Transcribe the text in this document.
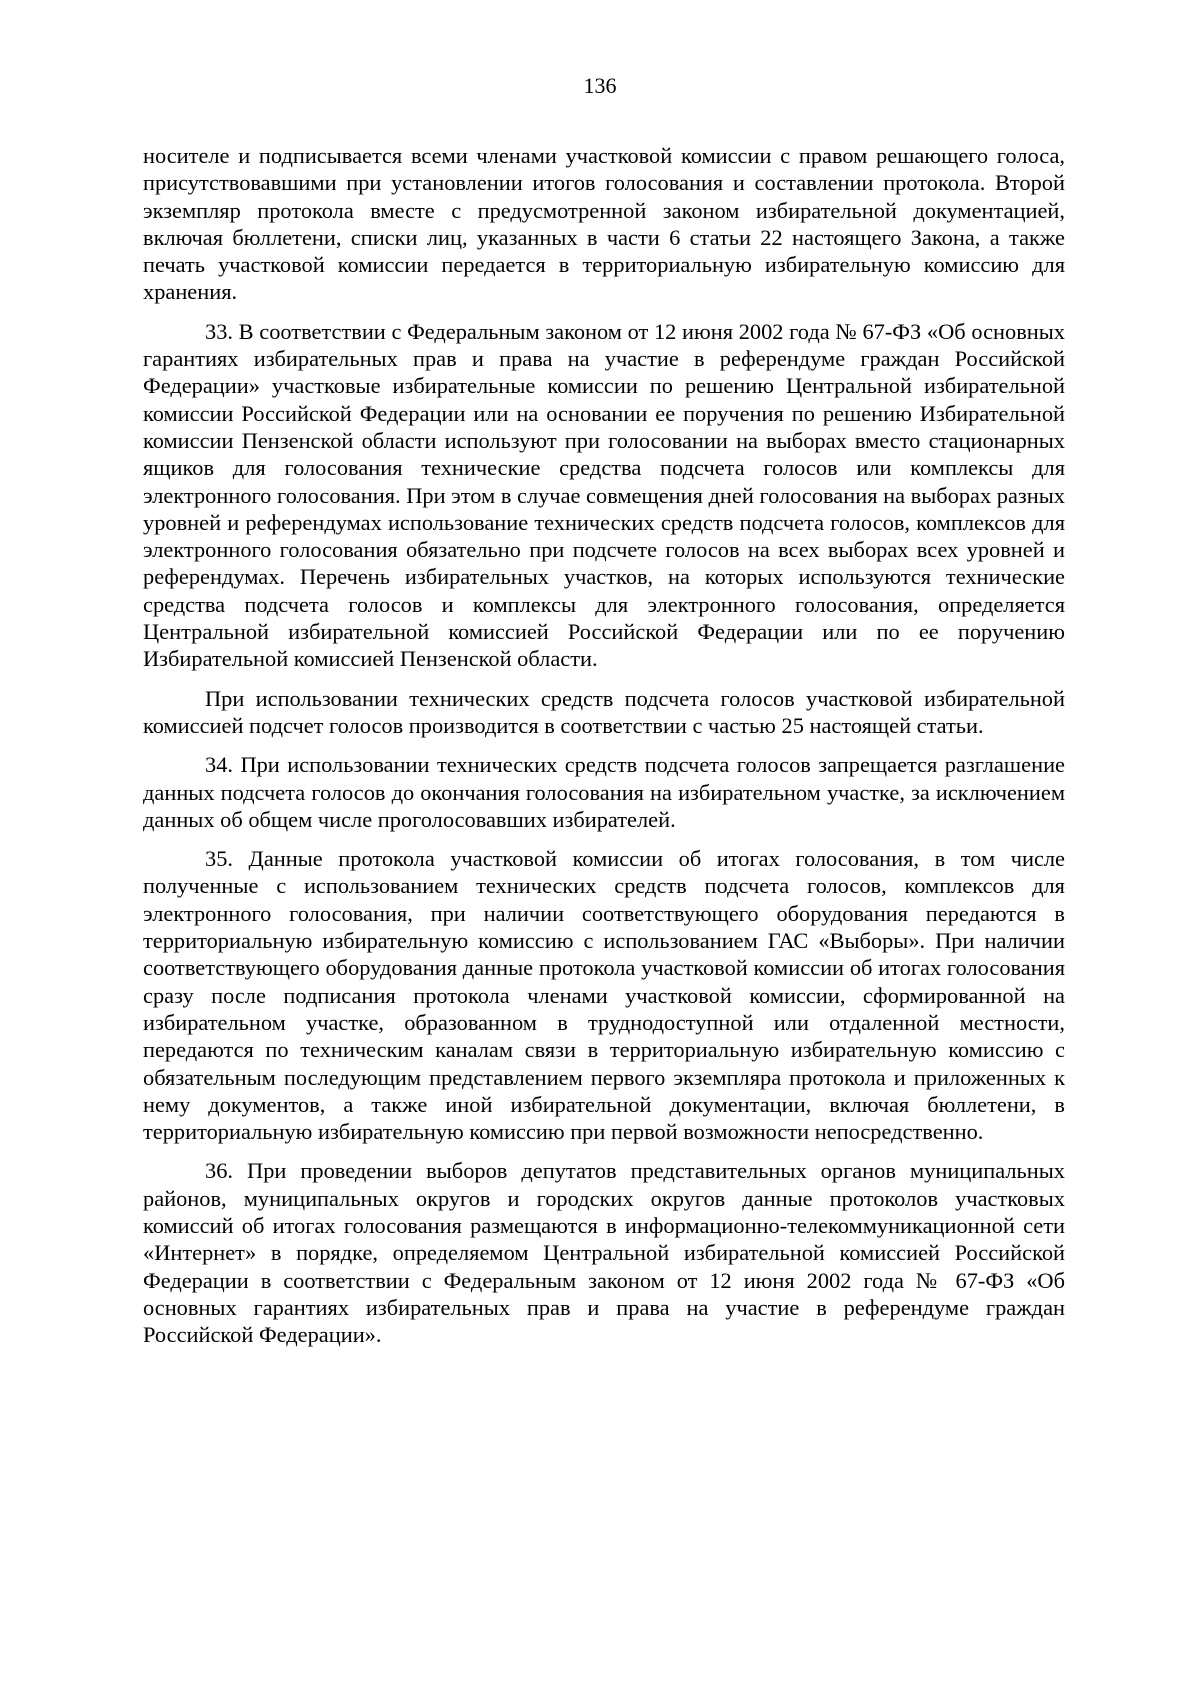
136

носителе и подписывается всеми членами участковой комиссии с правом решающего голоса, присутствовавшими при установлении итогов голосования и составлении протокола. Второй экземпляр протокола вместе с предусмотренной законом избирательной документацией, включая бюллетени, списки лиц, указанных в части 6 статьи 22 настоящего Закона, а также печать участковой комиссии передается в территориальную избирательную комиссию для хранения.

33. В соответствии с Федеральным законом от 12 июня 2002 года № 67-ФЗ «Об основных гарантиях избирательных прав и права на участие в референдуме граждан Российской Федерации» участковые избирательные комиссии по решению Центральной избирательной комиссии Российской Федерации или на основании ее поручения по решению Избирательной комиссии Пензенской области используют при голосовании на выборах вместо стационарных ящиков для голосования технические средства подсчета голосов или комплексы для электронного голосования. При этом в случае совмещения дней голосования на выборах разных уровней и референдумах использование технических средств подсчета голосов, комплексов для электронного голосования обязательно при подсчете голосов на всех выборах всех уровней и референдумах. Перечень избирательных участков, на которых используются технические средства подсчета голосов и комплексы для электронного голосования, определяется Центральной избирательной комиссией Российской Федерации или по ее поручению Избирательной комиссией Пензенской области.

При использовании технических средств подсчета голосов участковой избирательной комиссией подсчет голосов производится в соответствии с частью 25 настоящей статьи.

34. При использовании технических средств подсчета голосов запрещается разглашение данных подсчета голосов до окончания голосования на избирательном участке, за исключением данных об общем числе проголосовавших избирателей.

35. Данные протокола участковой комиссии об итогах голосования, в том числе полученные с использованием технических средств подсчета голосов, комплексов для электронного голосования, при наличии соответствующего оборудования передаются в территориальную избирательную комиссию с использованием ГАС «Выборы». При наличии соответствующего оборудования данные протокола участковой комиссии об итогах голосования сразу после подписания протокола членами участковой комиссии, сформированной на избирательном участке, образованном в труднодоступной или отдаленной местности, передаются по техническим каналам связи в территориальную избирательную комиссию с обязательным последующим представлением первого экземпляра протокола и приложенных к нему документов, а также иной избирательной документации, включая бюллетени, в территориальную избирательную комиссию при первой возможности непосредственно.

36. При проведении выборов депутатов представительных органов муниципальных районов, муниципальных округов и городских округов данные протоколов участковых комиссий об итогах голосования размещаются в информационно-телекоммуникационной сети «Интернет» в порядке, определяемом Центральной избирательной комиссией Российской Федерации в соответствии с Федеральным законом от 12 июня 2002 года № 67-ФЗ «Об основных гарантиях избирательных прав и права на участие в референдуме граждан Российской Федерации».
